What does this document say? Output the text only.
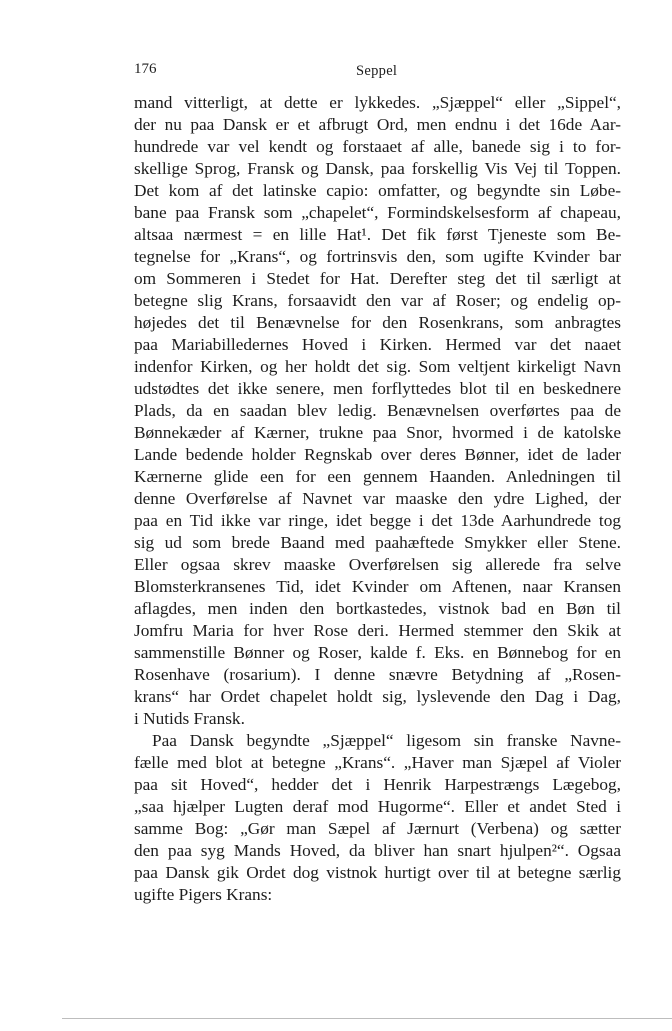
176	Seppel
mand vitterligt, at dette er lykkedes. „Sjæppel“ eller „Sippel“,
der nu paa Dansk er et afbrugt Ord, men endnu i det 16de Aar-
hundrede var vel kendt og forstaaet af alle, banede sig i to for-
skellige Sprog, Fransk og Dansk, paa forskellig Vis Vej til Toppen.
Det kom af det latinske capio: omfatter, og begyndte sin Løbe-
bane paa Fransk som „chapelet“, Formindskelsesform af chapeau,
altsaa nærmest = en lille Hat¹. Det fik først Tjeneste som Be-
tegnelse for „Krans“, og fortrinsvis den, som ugifte Kvinder bar
om Sommeren i Stedet for Hat. Derefter steg det til særligt at
betegne slig Krans, forsaavidt den var af Roser; og endelig op-
højedes det til Benævnelse for den Rosenkrans, som anbragtes
paa Mariabilledernes Hoved i Kirken. Hermed var det naaet
indenfor Kirken, og her holdt det sig. Som veltjent kirkeligt Navn
udstødtes det ikke senere, men forflyttedes blot til en beskednere
Plads, da en saadan blev ledig. Benævnelsen overførtes paa de
Bønnekæder af Kærner, trukne paa Snor, hvormed i de katolske
Lande bedende holder Regnskab over deres Bønner, idet de lader
Kærnerne glide een for een gennem Haanden. Anledningen til
denne Overførelse af Navnet var maaske den ydre Lighed, der
paa en Tid ikke var ringe, idet begge i det 13de Aarhundrede tog
sig ud som brede Baand med paahæftede Smykker eller Stene.
Eller ogsaa skrev maaske Overførelsen sig allerede fra selve
Blomsterkransenes Tid, idet Kvinder om Aftenen, naar Kransen
aflagdes, men inden den bortkastedes, vistnok bad en Bøn til
Jomfru Maria for hver Rose deri. Hermed stemmer den Skik at
sammenstille Bønner og Roser, kalde f. Eks. en Bønnebog for en
Rosenhave (rosarium). I denne snævre Betydning af „Rosen-
krans“ har Ordet chapelet holdt sig, lyslevende den Dag i Dag,
i Nutids Fransk.
Paa Dansk begyndte „Sjæppel“ ligesom sin franske Navne-
fælle med blot at betegne „Krans“. „Haver man Sjæpel af Violer
paa sit Hoved“, hedder det i Henrik Harpestrængs Lægebog,
„saa hjælper Lugten deraf mod Hugorme“. Eller et andet Sted i
samme Bog: „Gør man Sæpel af Jærnurt (Verbena) og sætter
den paa syg Mands Hoved, da bliver han snart hjulpen²“. Ogsaa
paa Dansk gik Ordet dog vistnok hurtigt over til at betegne særlig
ugifte Pigers Krans:
